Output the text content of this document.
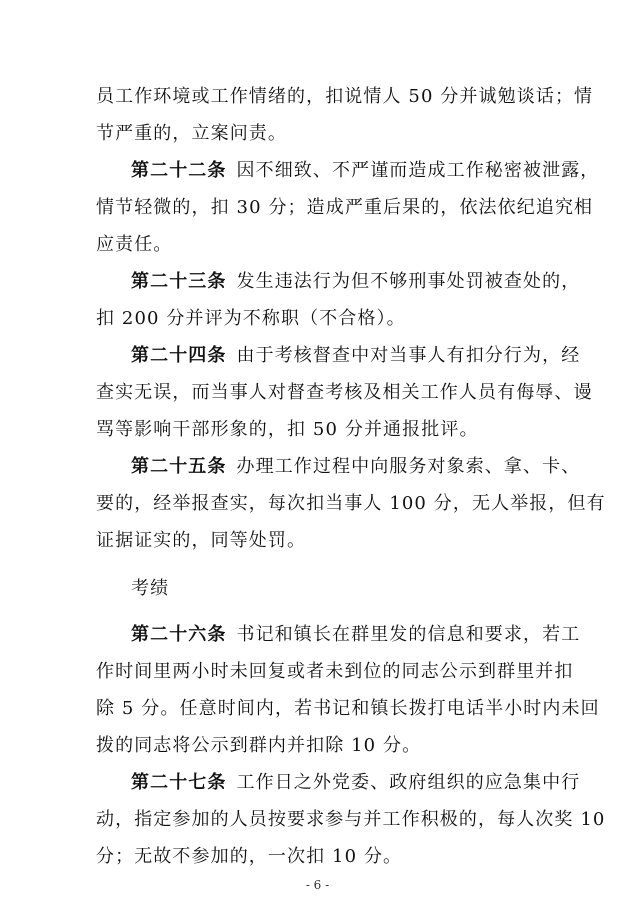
员工作环境或工作情绪的，扣说情人 50 分并诚勉谈话；情
节严重的，立案问责。
第二十二条 因不细致、不严谨而造成工作秘密被泄露，
情节轻微的，扣 30 分；造成严重后果的，依法依纪追究相
应责任。
第二十三条 发生违法行为但不够刑事处罚被查处的，
扣 200 分并评为不称职（不合格）。
第二十四条 由于考核督查中对当事人有扣分行为，经
查实无误，而当事人对督查考核及相关工作人员有侮辱、谩
骂等影响干部形象的，扣 50 分并通报批评。
第二十五条 办理工作过程中向服务对象索、拿、卡、
要的，经举报查实，每次扣当事人 100 分，无人举报，但有
证据证实的，同等处罚。
考绩
第二十六条 书记和镇长在群里发的信息和要求，若工
作时间里两小时未回复或者未到位的同志公示到群里并扣
除 5 分。任意时间内，若书记和镇长拨打电话半小时内未回
拨的同志将公示到群内并扣除 10 分。
第二十七条 工作日之外党委、政府组织的应急集中行
动，指定参加的人员按要求参与并工作积极的，每人次奖 10
分；无故不参加的，一次扣 10 分。
- 6 -
